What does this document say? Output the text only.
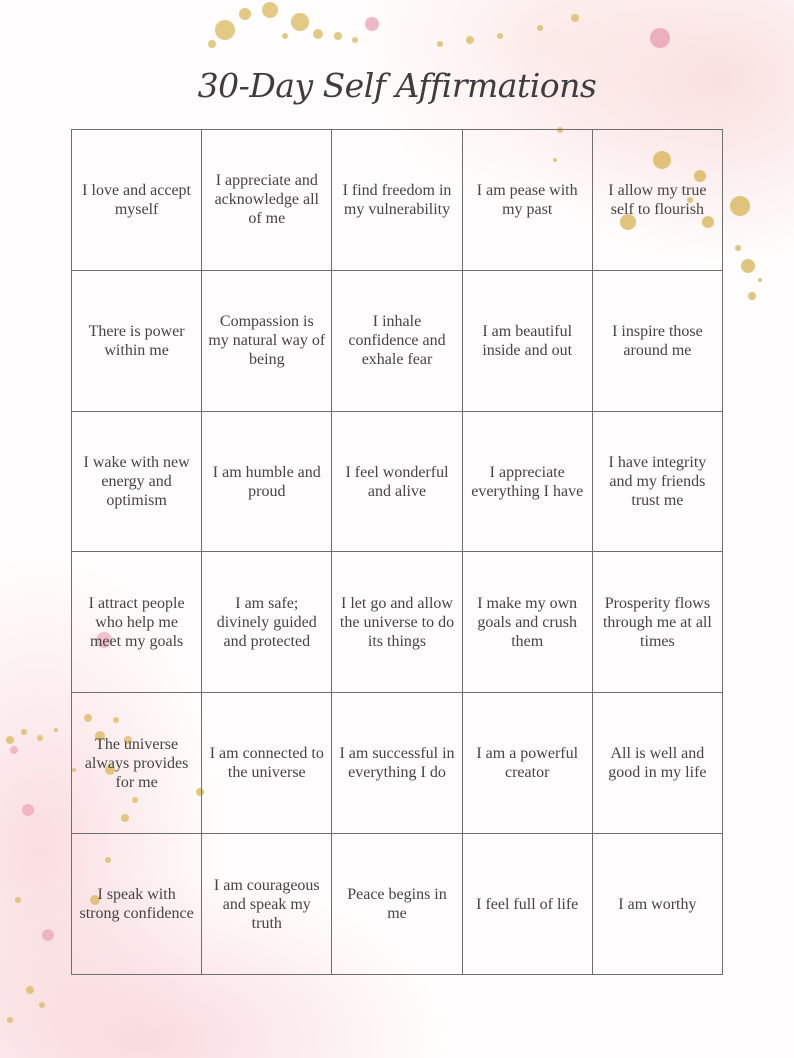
30-Day Self Affirmations
I love and accept myself
I appreciate and acknowledge all of me
I find freedom in my vulnerability
I am pease with my past
I allow my true self to flourish
There is power within me
Compassion is my natural way of being
I inhale confidence and exhale fear
I am beautiful inside and out
I inspire those around me
I wake with new energy and optimism
I am humble and proud
I feel wonderful and alive
I appreciate everything I have
I have integrity and my friends trust me
I attract people who help me meet my goals
I am safe; divinely guided and protected
I let go and allow the universe to do its things
I make my own goals and crush them
Prosperity flows through me at all times
The universe always provides for me
I am connected to the universe
I am successful in everything I do
I am a powerful creator
All is well and good in my life
I speak with strong confidence
I am courageous and speak my truth
Peace begins in me
I feel full of life	I am worthy
